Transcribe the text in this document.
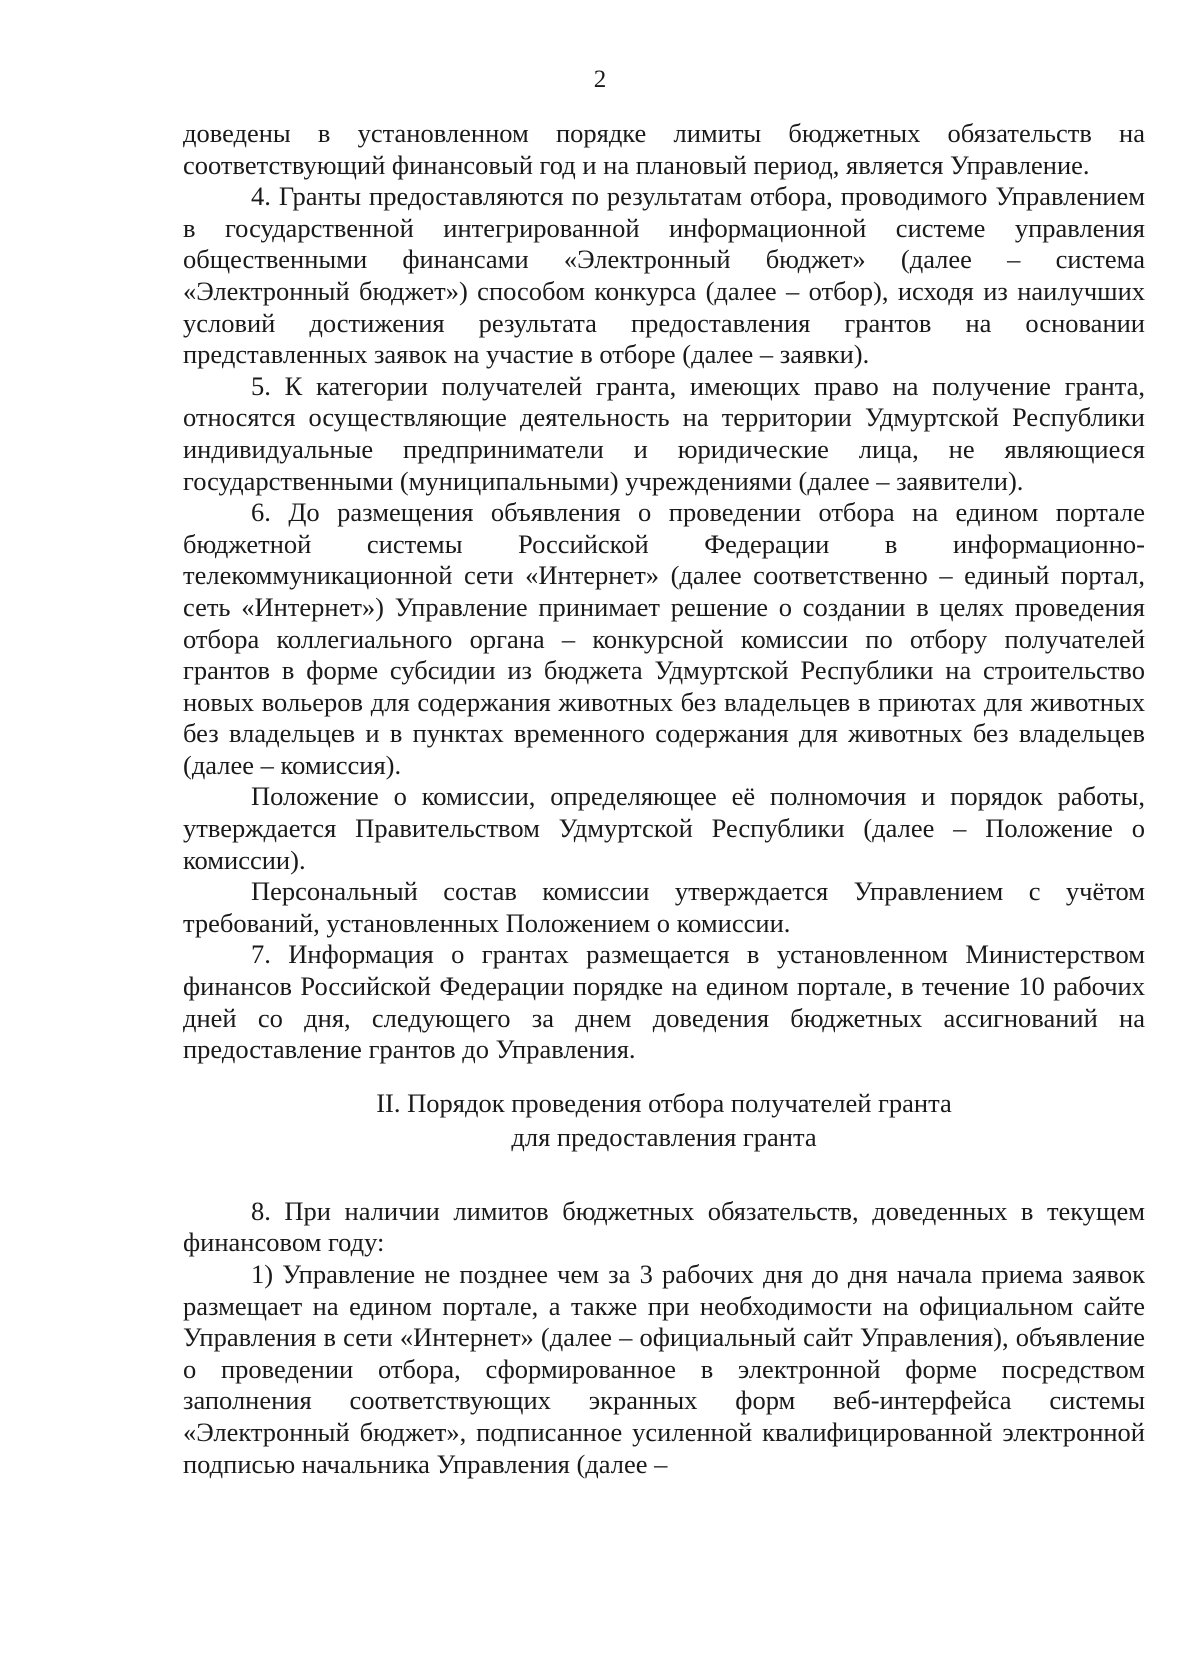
2

доведены в установленном порядке лимиты бюджетных обязательств на соответствующий финансовый год и на плановый период, является Управление.

4. Гранты предоставляются по результатам отбора, проводимого Управлением в государственной интегрированной информационной системе управления общественными финансами «Электронный бюджет» (далее – система «Электронный бюджет») способом конкурса (далее – отбор), исходя из наилучших условий достижения результата предоставления грантов на основании представленных заявок на участие в отборе (далее – заявки).

5. К категории получателей гранта, имеющих право на получение гранта, относятся осуществляющие деятельность на территории Удмуртской Республики индивидуальные предприниматели и юридические лица, не являющиеся государственными (муниципальными) учреждениями (далее – заявители).

6. До размещения объявления о проведении отбора на едином портале бюджетной системы Российской Федерации в информационно-телекоммуникационной сети «Интернет» (далее соответственно – единый портал, сеть «Интернет») Управление принимает решение о создании в целях проведения отбора коллегиального органа – конкурсной комиссии по отбору получателей грантов в форме субсидии из бюджета Удмуртской Республики на строительство новых вольеров для содержания животных без владельцев в приютах для животных без владельцев и в пунктах временного содержания для животных без владельцев (далее – комиссия).

Положение о комиссии, определяющее её полномочия и порядок работы, утверждается Правительством Удмуртской Республики (далее – Положение о комиссии).

Персональный состав комиссии утверждается Управлением с учётом требований, установленных Положением о комиссии.

7. Информация о грантах размещается в установленном Министерством финансов Российской Федерации порядке на едином портале, в течение 10 рабочих дней со дня, следующего за днем доведения бюджетных ассигнований на предоставление грантов до Управления.

II. Порядок проведения отбора получателей гранта
для предоставления гранта

8. При наличии лимитов бюджетных обязательств, доведенных в текущем финансовом году:

1) Управление не позднее чем за 3 рабочих дня до дня начала приема заявок размещает на едином портале, а также при необходимости на официальном сайте Управления в сети «Интернет» (далее – официальный сайт Управления), объявление о проведении отбора, сформированное в электронной форме посредством заполнения соответствующих экранных форм веб-интерфейса системы «Электронный бюджет», подписанное усиленной квалифицированной электронной подписью начальника Управления (далее –
